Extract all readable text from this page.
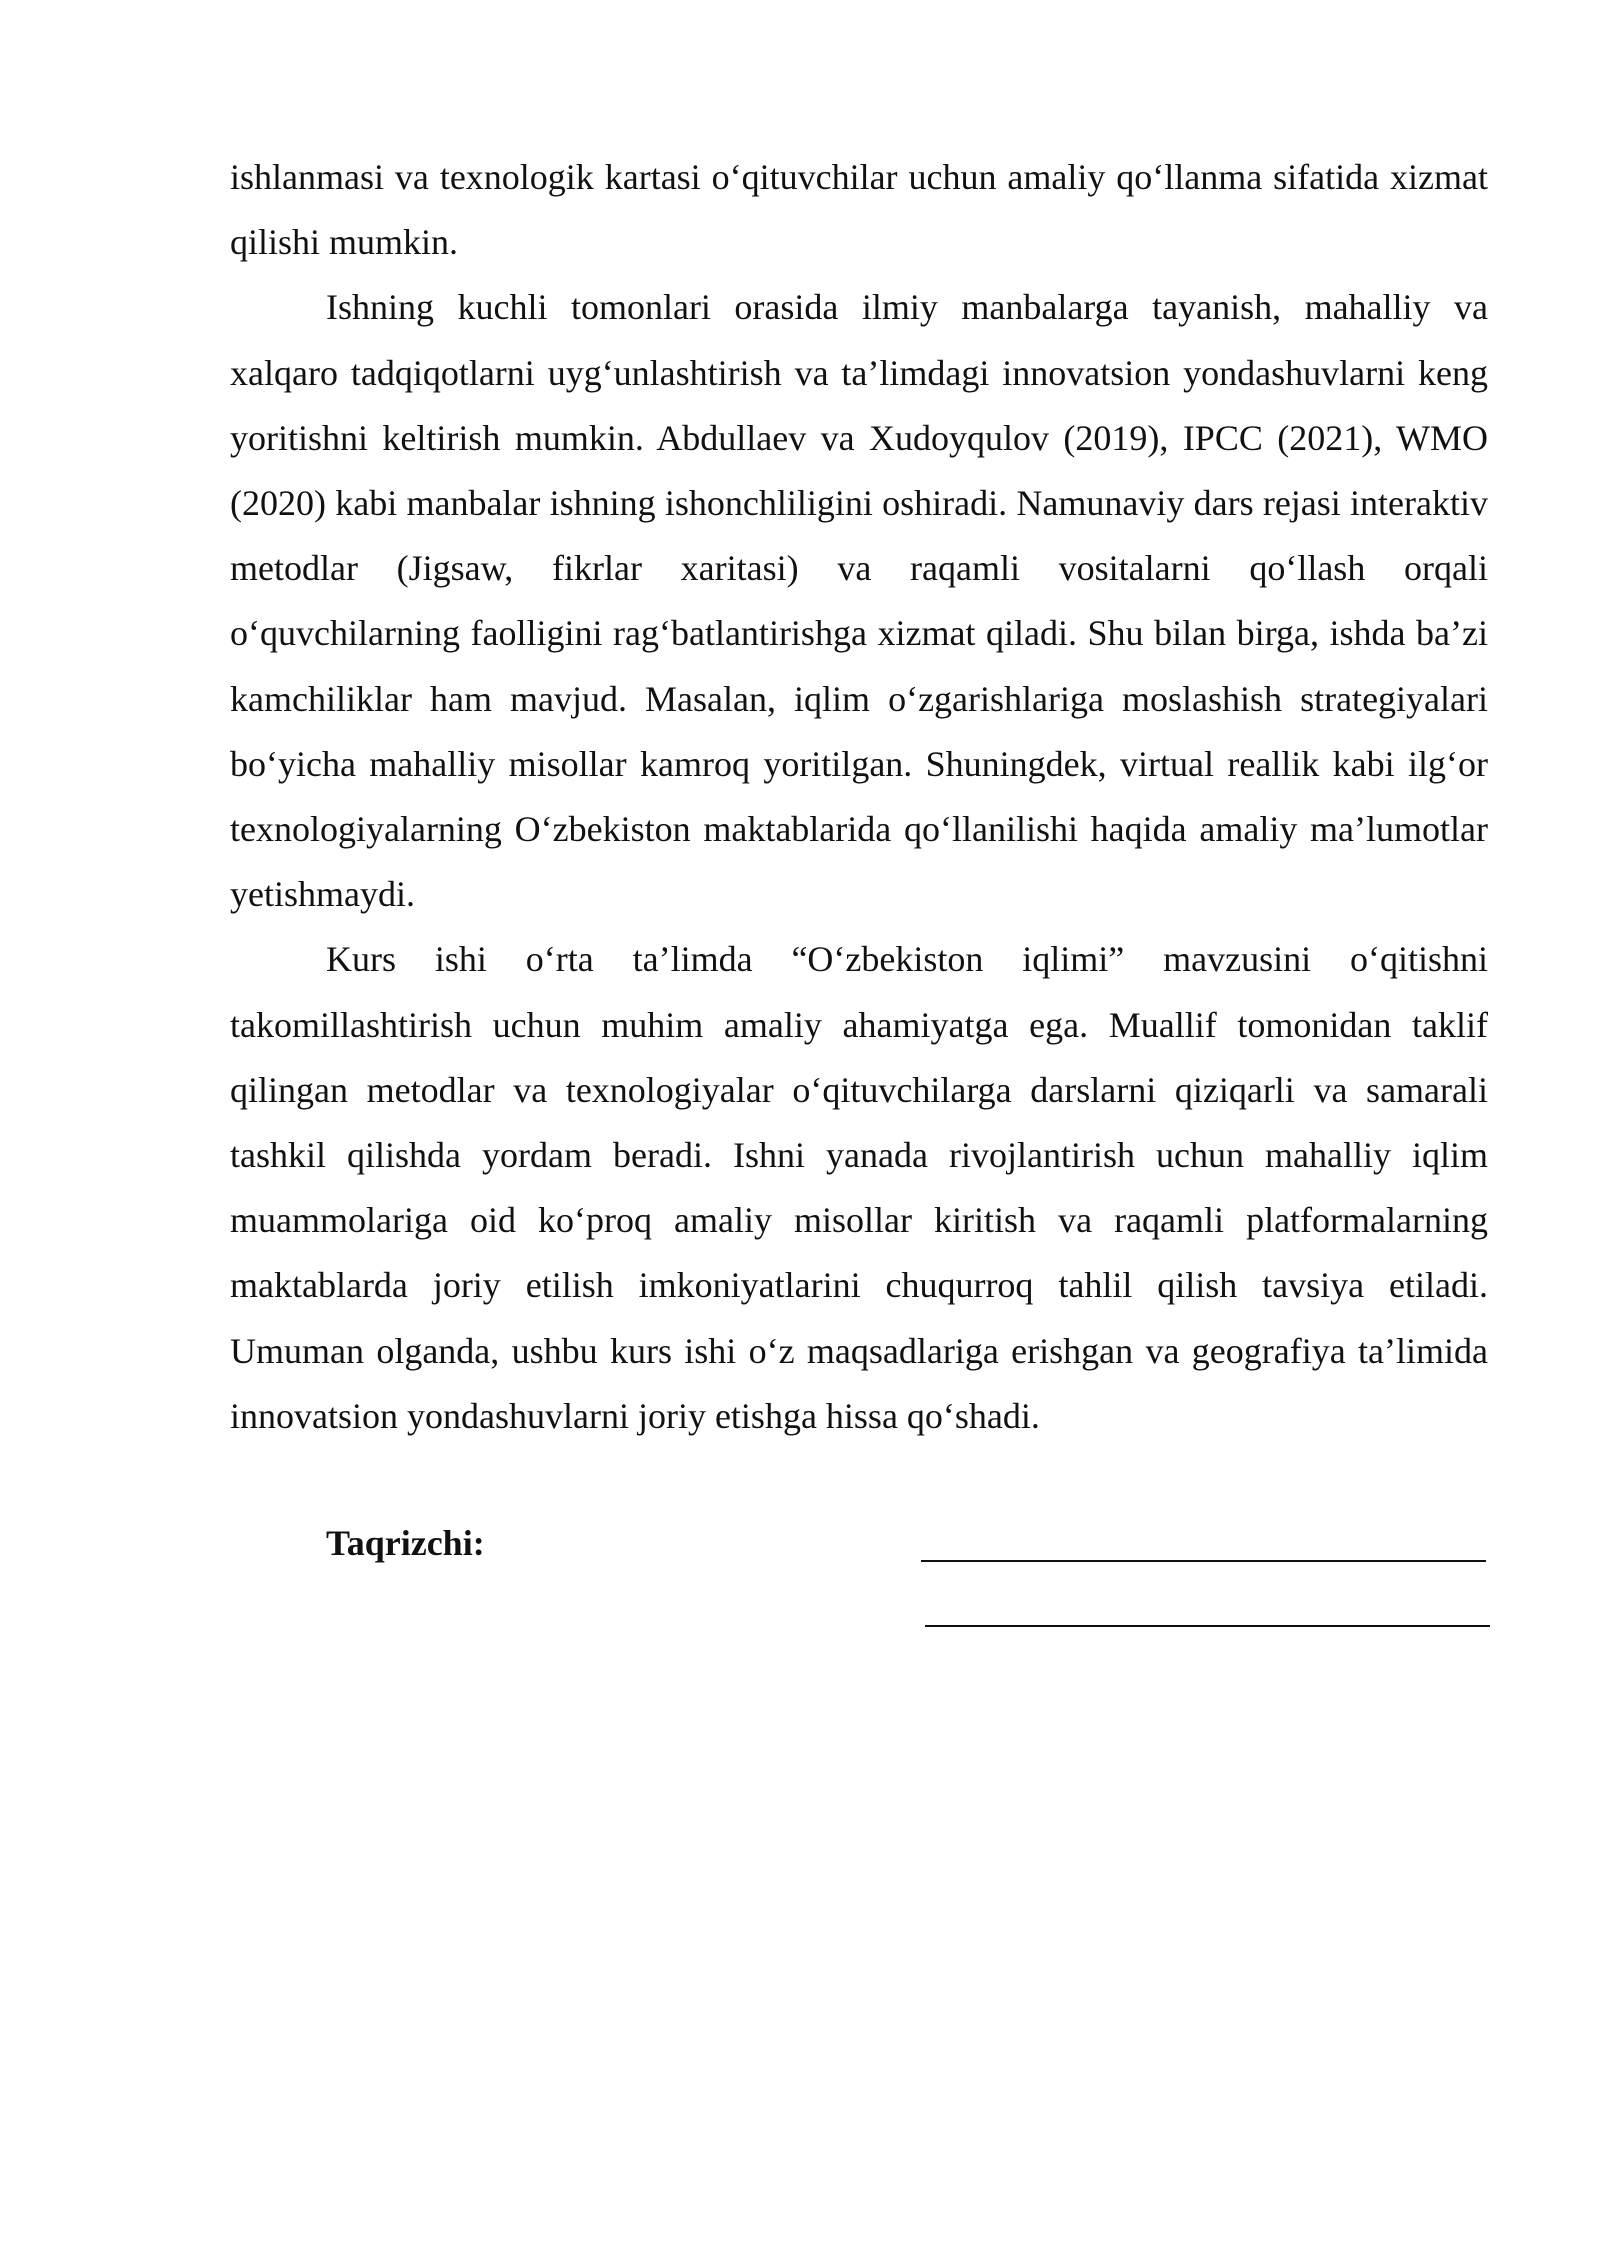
ishlanmasi va texnologik kartasi o‘qituvchilar uchun amaliy qo‘llanma sifatida xizmat qilishi mumkin.

Ishning kuchli tomonlari orasida ilmiy manbalarga tayanish, mahalliy va xalqaro tadqiqotlarni uyg‘unlashtirish va ta’limdagi innovatsion yondashuvlarni keng yoritishni keltirish mumkin. Abdullaev va Xudoyqulov (2019), IPCC (2021), WMO (2020) kabi manbalar ishning ishonchliligini oshiradi. Namunaviy dars rejasi interaktiv metodlar (Jigsaw, fikrlar xaritasi) va raqamli vositalarni qo‘llash orqali o‘quvchilarning faolligini rag‘batlantirishga xizmat qiladi. Shu bilan birga, ishda ba’zi kamchiliklar ham mavjud. Masalan, iqlim o‘zgarishlariga moslashish strategiyalari bo‘yicha mahalliy misollar kamroq yoritilgan. Shuningdek, virtual reallik kabi ilg‘or texnologiyalarning O‘zbekiston maktablarida qo‘llanilishi haqida amaliy ma’lumotlar yetishmaydi.

Kurs ishi o‘rta ta’limda “O‘zbekiston iqlimi” mavzusini o‘qitishni takomillashtirish uchun muhim amaliy ahamiyatga ega. Muallif tomonidan taklif qilingan metodlar va texnologiyalar o‘qituvchilarga darslarni qiziqarli va samarali tashkil qilishda yordam beradi. Ishni yanada rivojlantirish uchun mahalliy iqlim muammolariga oid ko‘proq amaliy misollar kiritish va raqamli platformalarning maktablarda joriy etilish imkoniyatlarini chuqurroq tahlil qilish tavsiya etiladi. Umuman olganda, ushbu kurs ishi o‘z maqsadlariga erishgan va geografiya ta’limida innovatsion yondashuvlarni joriy etishga hissa qo‘shadi.

Taqrizchi:
